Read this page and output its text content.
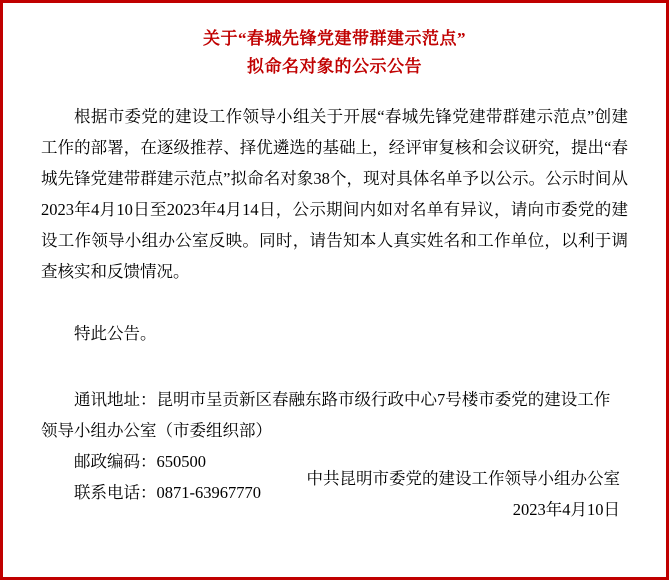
关于“春城先锋党建带群建示范点”
拟命名对象的公示公告

根据市委党的建设工作领导小组关于开展“春城先锋党建带群建示范点”创建工作的部署，在逐级推荐、择优遴选的基础上，经评审复核和会议研究，提出“春城先锋党建带群建示范点”拟命名对象38个，现对具体名单予以公示。公示时间从2023年4月10日至2023年4月14日，公示期间内如对名单有异议，请向市委党的建设工作领导小组办公室反映。同时，请告知本人真实姓名和工作单位，以利于调查核实和反馈情况。

特此公告。

通讯地址：昆明市呈贡新区春融东路市级行政中心7号楼市委党的建设工作

领导小组办公室（市委组织部）

邮政编码：650500

联系电话：0871-63967770

中共昆明市委党的建设工作领导小组办公室

2023年4月10日
